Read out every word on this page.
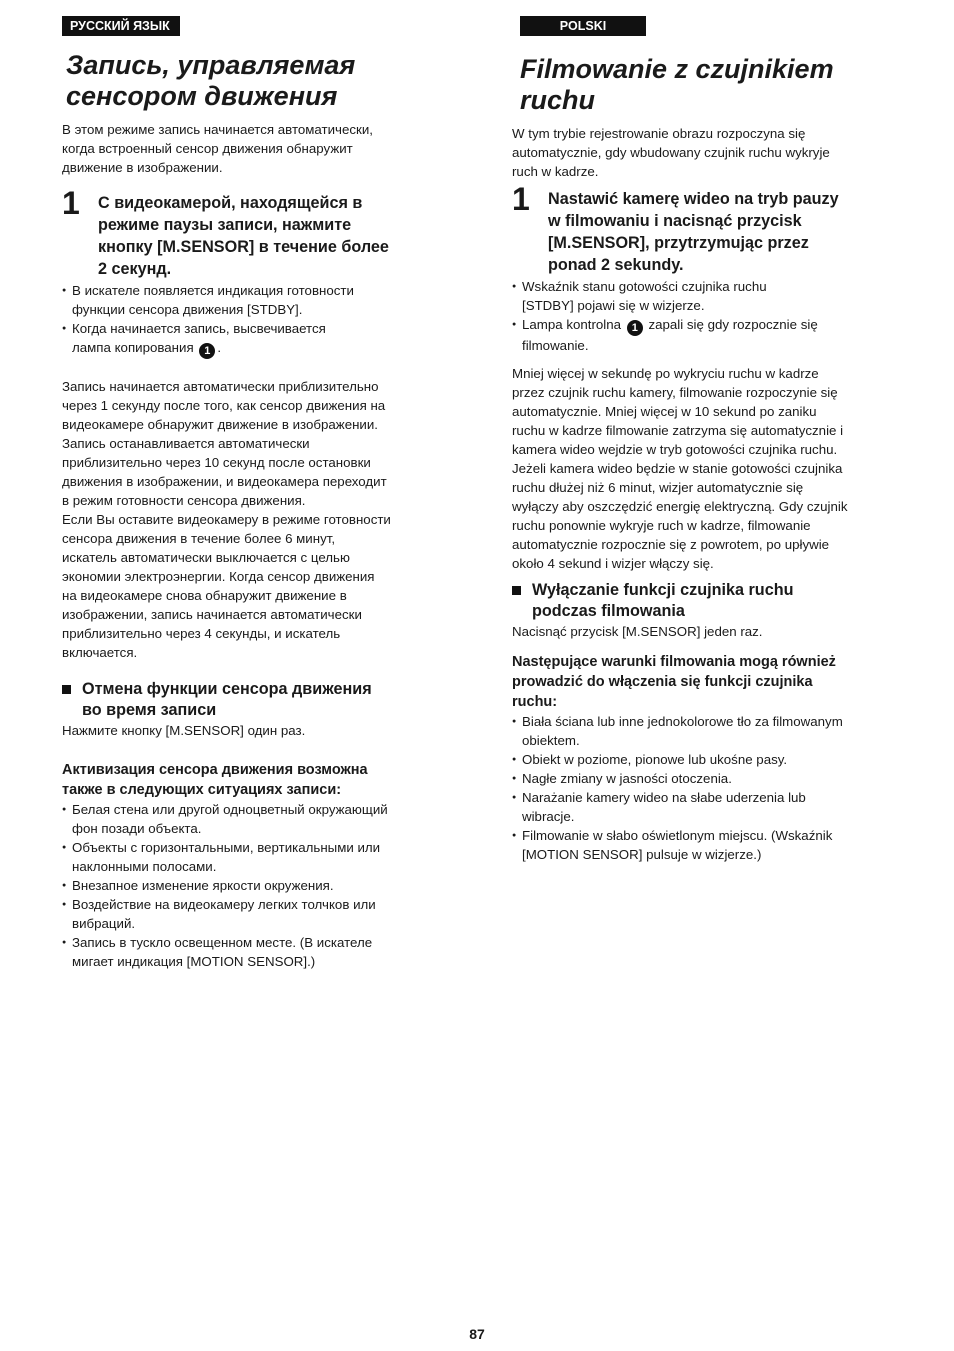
РУССКИЙ ЯЗЫК
Запись, управляемая
сенсором движения

В этом режиме запись начинается автоматически,

когда встроенный сенсор движения обнаружит

движение в изображении.

1 С видеокамерой, находящейся в

режиме паузы записи, нажмите

кнопку [M.SENSOR] в течение более

2 секунд.

● В искателе появляется индикация готовности
функции сенсора движения [STDBY].
● Когда начинается запись, высвечивается
лампа копирования 1 .

Запись начинается автоматически приблизительно

через 1 секунду после того, как сенсор движения на

видеокамере обнаружит движение в изображении.

Запись останавливается автоматически

приблизительно через 10 секунд после остановки

движения в изображении, и видеокамера переходит

в режим готовности сенсора движения.

Если Вы оставите видеокамеру в режиме готовности

сенсора движения в течение более 6 минут,

искатель автоматически выключается с целью

экономии электроэнергии. Когда сенсор движения

на видеокамере снова обнаружит движение в

изображении, запись начинается автоматически

приблизительно через 4 секунды, и искатель

включается.

Отмена функции сенсора движения
во время записи

Нажмите кнопку [M.SENSOR] один раз.

Активизация сенсора движения возможна

также в следующих ситуациях записи:

● Белая стена или другой одноцветный окружающий
фон позади объекта.
● Объекты с горизонтальными, вертикальными или
наклонными полосами.
● Внезапное изменение яркости окружения.
● Воздействие на видеокамеру легких толчков или
вибраций.
● Запись в тускло освещенном месте. (В искателе
мигает индикация [MOTION SENSOR].)
POLSKI
Filmowanie z czujnikiem
ruchu

W tym trybie rejestrowanie obrazu rozpoczyna się

automatycznie, gdy wbudowany czujnik ruchu wykryje

ruch w kadrze.

1 Nastawić kamerę wideo na tryb pauzy

w filmowaniu i nacisnąć przycisk

[M.SENSOR], przytrzymując przez

ponad 2 sekundy.

● Wskaźnik stanu gotowości czujnika ruchu
[STDBY] pojawi się w wizjerze.
● Lampa kontrolna 1 zapali się gdy rozpocznie się
filmowanie.

Mniej więcej w sekundę po wykryciu ruchu w kadrze

przez czujnik ruchu kamery, filmowanie rozpoczynie się

automatycznie. Mniej więcej w 10 sekund po zaniku

ruchu w kadrze filmowanie zatrzyma się automatycznie i

kamera wideo wejdzie w tryb gotowości czujnika ruchu.

Jeżeli kamera wideo będzie w stanie gotowości czujnika

ruchu dłużej niż 6 minut, wizjer automatycznie się

wyłączy aby oszczędzić energię elektryczną. Gdy czujnik

ruchu ponownie wykryje ruch w kadrze, filmowanie

automatycznie rozpocznie się z powrotem, po upływie

około 4 sekund i wizjer włączy się.

Wyłączanie funkcji czujnika ruchu
podczas filmowania

Nacisnąć przycisk [M.SENSOR] jeden raz.

Następujące warunki filmowania mogą również

prowadzić do włączenia się funkcji czujnika

ruchu:

● Biała ściana lub inne jednokolorowe tło za filmowanym
obiektem.
● Obiekt w poziome, pionowe lub ukośne pasy.
● Nagłe zmiany w jasności otoczenia.
● Narażanie kamery wideo na słabe uderzenia lub
wibracje.
● Filmowanie w słabo oświetlonym miejscu. (Wskaźnik
[MOTION SENSOR] pulsuje w wizjerze.)
87
